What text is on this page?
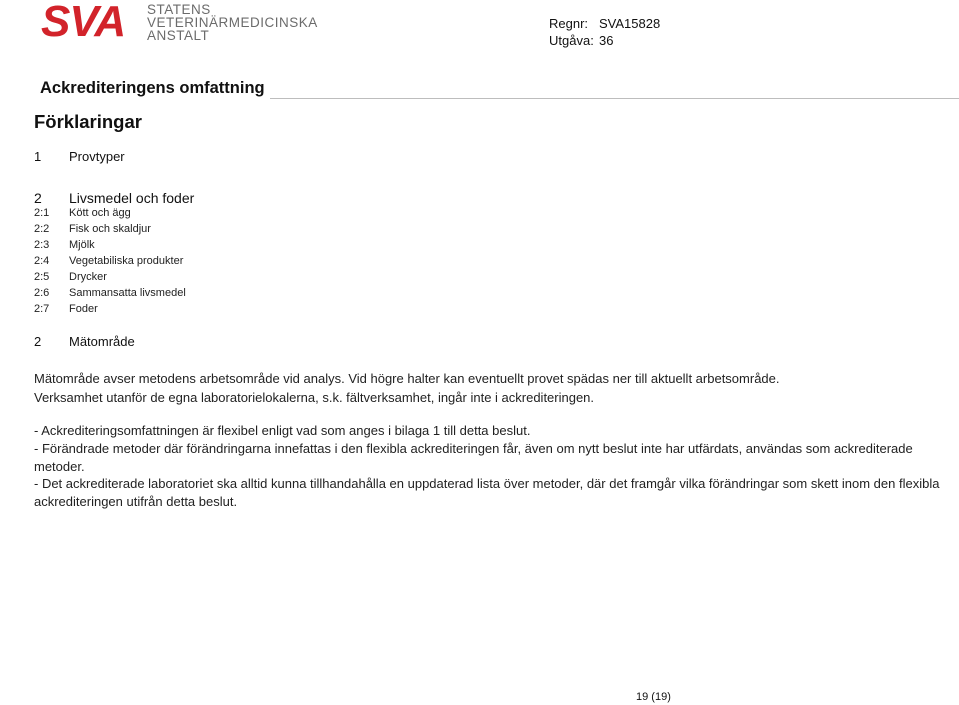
SVA STATENS
VETERINÄRMEDICINSKA
ANSTALT
Regnr: SVA15828
Utgåva: 36
Ackrediteringens omfattning
Förklaringar
1 Provtyper
2 Livsmedel och foder
2:1 Kött och ägg
2:2 Fisk och skaldjur
2:3 Mjölk
2:4 Vegetabiliska produkter
2:5 Drycker
2:6 Sammansatta livsmedel
2:7 Foder
2 Mätområde
Mätområde avser metodens arbetsområde vid analys. Vid högre halter kan eventuellt provet spädas ner till aktuellt arbetsområde.
Verksamhet utanför de egna laboratorielokalerna, s.k. fältverksamhet, ingår inte i ackrediteringen.
- Ackrediteringsomfattningen är flexibel enligt vad som anges i bilaga 1 till detta beslut.
- Förändrade metoder där förändringarna innefattas i den flexibla ackrediteringen får, även om nytt beslut inte har utfärdats, användas som ackrediterade
metoder.
- Det ackrediterade laboratoriet ska alltid kunna tillhandahålla en uppdaterad lista över metoder, där det framgår vilka förändringar som skett inom den flexibla
ackrediteringen utifrån detta beslut.
19 (19)
